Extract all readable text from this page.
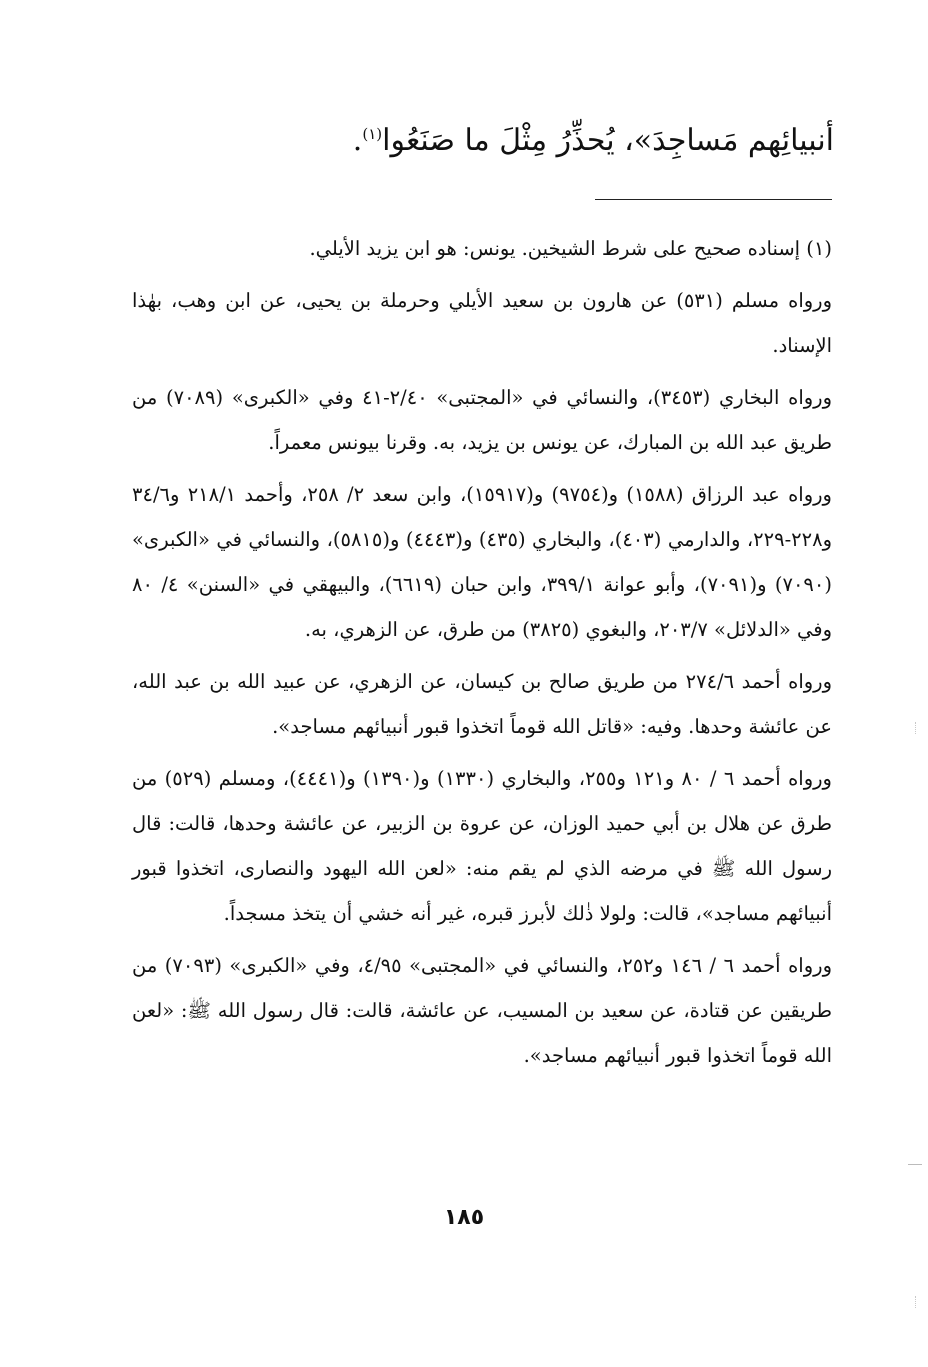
أنبيائِهم مَساجِدَ»، يُحذِّرُ مِثْلَ ما صَنَعُوا$^{(١)}$.

(١) إسناده صحيح على شرط الشيخين. يونس: هو ابن يزيد الأيلي.

ورواه مسلم (٥٣١) عن هارون بن سعيد الأيلي وحرملة بن يحيى، عن ابن وهب، بهٰذا الإسناد.

ورواه البخاري (٣٤٥٣)، والنسائي في «المجتبى» ٢/٤٠-٤١ وفي «الكبرى» (٧٠٨٩) من طريق عبد الله بن المبارك، عن يونس بن يزيد، به. وقرنا بيونس معمراً.

ورواه عبد الرزاق (١٥٨٨) و(٩٧٥٤) و(١٥٩١٧)، وابن سعد ٢/ ٢٥٨، وأحمد ٢١٨/١ و٣٤/٦ و٢٢٨-٢٢٩، والدارمي (٤٠٣)، والبخاري (٤٣٥) و(٤٤٤٣) و(٥٨١٥)، والنسائي في «الكبرى» (٧٠٩٠) و(٧٠٩١)، وأبو عوانة ٣٩٩/١، وابن حبان (٦٦١٩)، والبيهقي في «السنن» ٤/ ٨٠ وفي «الدلائل» ٢٠٣/٧، والبغوي (٣٨٢٥) من طرق، عن الزهري، به.

ورواه أحمد ٢٧٤/٦ من طريق صالح بن كيسان، عن الزهري، عن عبيد الله بن عبد الله، عن عائشة وحدها. وفيه: «قاتل الله قوماً اتخذوا قبور أنبيائهم مساجد».

ورواه أحمد ٦ / ٨٠ و١٢١ و٢٥٥، والبخاري (١٣٣٠) و(١٣٩٠) و(٤٤٤١)، ومسلم (٥٢٩) من طرق عن هلال بن أبي حميد الوزان، عن عروة بن الزبير، عن عائشة وحدها، قالت: قال رسول الله ﷺ في مرضه الذي لم يقم منه: «لعن الله اليهود والنصارى، اتخذوا قبور أنبيائهم مساجد»، قالت: ولولا ذٰلك لأبرز قبره، غير أنه خشي أن يتخذ مسجداً.

ورواه أحمد ٦ / ١٤٦ و٢٥٢، والنسائي في «المجتبى» ٤/٩٥، وفي «الكبرى» (٧٠٩٣) من طريقين عن قتادة، عن سعيد بن المسيب، عن عائشة، قالت: قال رسول الله ﷺ: «لعن الله قوماً اتخذوا قبور أنبيائهم مساجد».

١٨٥
